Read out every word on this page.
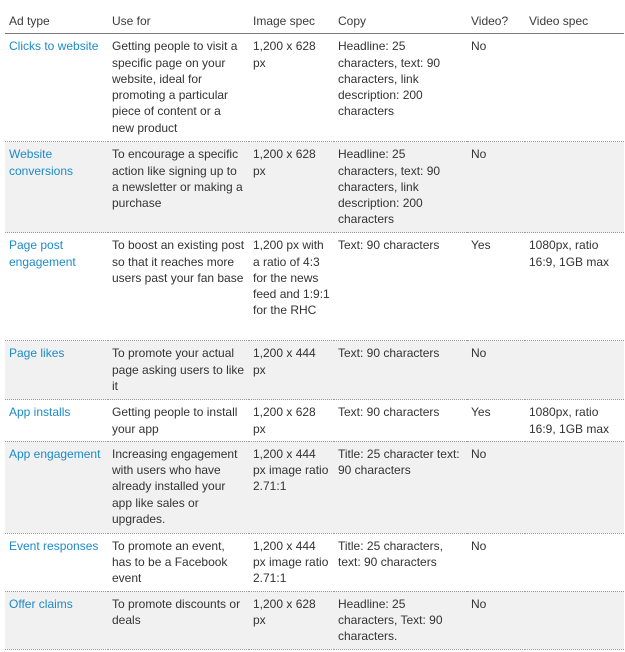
Ad type	Use for	Image spec	Copy	Video?	Video spec
Clicks to website	Getting people to visit a specific page on your website, ideal for promoting a particular piece of content or a new product	1,200 x 628 px	Headline: 25 characters, text: 90 characters, link description: 200 characters	No	
Website conversions	To encourage a specific action like signing up to a newsletter or making a purchase	1,200 x 628 px	Headline: 25 characters, text: 90 characters, link description: 200 characters	No	
Page post engagement	To boost an existing post so that it reaches more users past your fan base	1,200 px with a ratio of 4:3 for the news feed and 1:9:1 for the RHC	Text: 90 characters	Yes	1080px, ratio 16:9, 1GB max
Page likes	To promote your actual page asking users to like it	1,200 x 444 px	Text: 90 characters	No	
App installs	Getting people to install your app	1,200 x 628 px	Text: 90 characters	Yes	1080px, ratio 16:9, 1GB max
App engagement	Increasing engagement with users who have already installed your app like sales or upgrades.	1,200 x 444 px image ratio 2.71:1	Title: 25 character text: 90 characters	No	
Event responses	To promote an event, has to be a Facebook event	1,200 x 444 px image ratio 2.71:1	Title: 25 characters, text: 90 characters	No	
Offer claims	To promote discounts or deals	1,200 x 628 px	Headline: 25 characters, Text: 90 characters.	No	
